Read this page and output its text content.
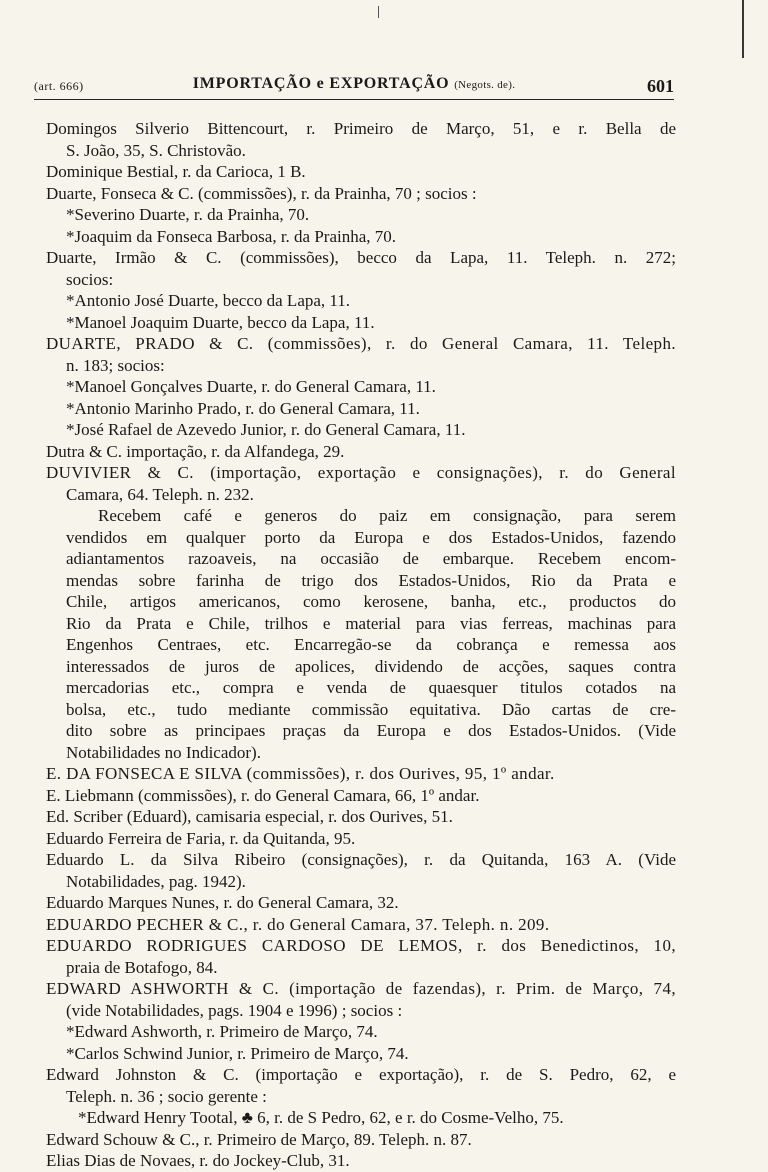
(art. 666)	IMPORTAÇÃO e EXPORTAÇÃO (Negots. de).	601
Domingos Silverio Bittencourt, r. Primeiro de Março, 51, e r. Bella de
S. João, 35, S. Christovão.
Dominique Bestial, r. da Carioca, 1 B.
Duarte, Fonseca & C. (commissões), r. da Prainha, 70 ; socios :
*Severino Duarte, r. da Prainha, 70.
*Joaquim da Fonseca Barbosa, r. da Prainha, 70.
Duarte, Irmão & C. (commissões), becco da Lapa, 11. Teleph. n. 272;
socios:
*Antonio José Duarte, becco da Lapa, 11.
*Manoel Joaquim Duarte, becco da Lapa, 11.
DUARTE, PRADO & C. (commissões), r. do General Camara, 11. Teleph.
n. 183; socios:
*Manoel Gonçalves Duarte, r. do General Camara, 11.
*Antonio Marinho Prado, r. do General Camara, 11.
*José Rafael de Azevedo Junior, r. do General Camara, 11.
Dutra & C. importação, r. da Alfandega, 29.
DUVIVIER & C. (importação, exportação e consignações), r. do General
Camara, 64. Teleph. n. 232.
Recebem café e generos do paiz em consignação, para serem
vendidos em qualquer porto da Europa e dos Estados-Unidos, fazendo
adiantamentos razoaveis, na occasião de embarque. Recebem encom-
mendas sobre farinha de trigo dos Estados-Unidos, Rio da Prata e
Chile, artigos americanos, como kerosene, banha, etc., productos do
Rio da Prata e Chile, trilhos e material para vias ferreas, machinas para
Engenhos Centraes, etc. Encarregão-se da cobrança e remessa aos
interessados de juros de apolices, dividendo de acções, saques contra
mercadorias etc., compra e venda de quaesquer titulos cotados na
bolsa, etc., tudo mediante commissão equitativa. Dão cartas de cre-
dito sobre as principaes praças da Europa e dos Estados-Unidos. (Vide
Notabilidades no Indicador).
E. DA FONSECA E SILVA (commissões), r. dos Ourives, 95, 1º andar.
E. Liebmann (commissões), r. do General Camara, 66, 1º andar.
Ed. Scriber (Eduard), camisaria especial, r. dos Ourives, 51.
Eduardo Ferreira de Faria, r. da Quitanda, 95.
Eduardo L. da Silva Ribeiro (consignações), r. da Quitanda, 163 A. (Vide
Notabilidades, pag. 1942).
Eduardo Marques Nunes, r. do General Camara, 32.
EDUARDO PECHER & C., r. do General Camara, 37. Teleph. n. 209.
EDUARDO RODRIGUES CARDOSO DE LEMOS, r. dos Benedictinos, 10,
praia de Botafogo, 84.
EDWARD ASHWORTH & C. (importação de fazendas), r. Prim. de Março, 74,
(vide Notabilidades, pags. 1904 e 1996) ; socios :
*Edward Ashworth, r. Primeiro de Março, 74.
*Carlos Schwind Junior, r. Primeiro de Março, 74.
Edward Johnston & C. (importação e exportação), r. de S. Pedro, 62, e
Teleph. n. 36 ; socio gerente :
*Edward Henry Tootal, ♣ 6, r. de S Pedro, 62, e r. do Cosme-Velho, 75.
Edward Schouw & C., r. Primeiro de Março, 89. Teleph. n. 87.
Elias Dias de Novaes, r. do Jockey-Club, 31.
